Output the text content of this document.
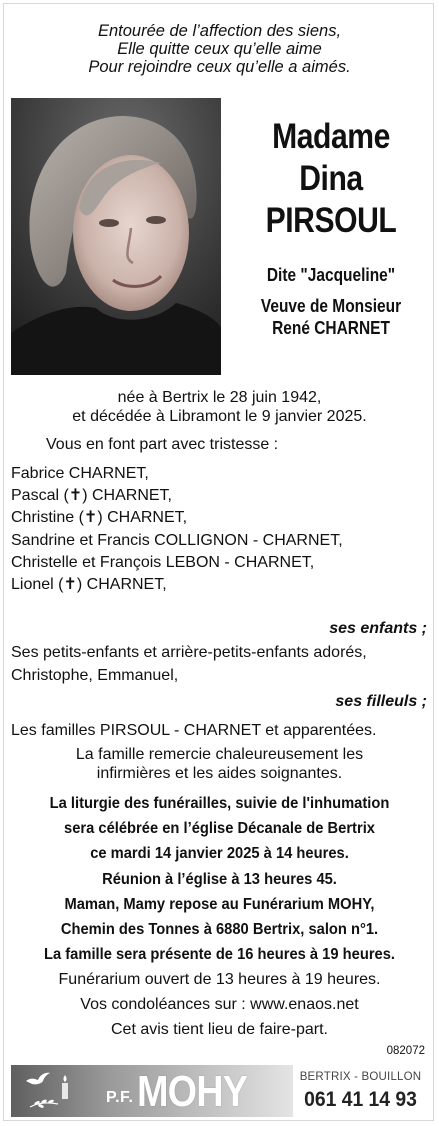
Entourée de l’affection des siens,
Elle quitte ceux qu’elle aime
Pour rejoindre ceux qu’elle a aimés.
Madame
Dina
PIRSOUL
Dite "Jacqueline"
Veuve de Monsieur
René CHARNET
née à Bertrix le 28 juin 1942,
et décédée à Libramont le 9 janvier 2025.
Vous en font part avec tristesse :
Fabrice CHARNET,
Pascal (✝) CHARNET,
Christine (✝) CHARNET,
Sandrine et Francis COLLIGNON - CHARNET,
Christelle et François LEBON - CHARNET,
Lionel (✝) CHARNET,
ses enfants ;
Ses petits-enfants et arrière-petits-enfants adorés,
Christophe, Emmanuel,
ses filleuls ;
Les familles PIRSOUL - CHARNET et apparentées.
La famille remercie chaleureusement les
infirmières et les aides soignantes.
La liturgie des funérailles, suivie de l'inhumation
sera célébrée en l’église Décanale de Bertrix
ce mardi 14 janvier 2025 à 14 heures.
Réunion à l’église à 13 heures 45.
Maman, Mamy repose au Funérarium MOHY,
Chemin des Tonnes à 6880 Bertrix, salon n°1.
La famille sera présente de 16 heures à 19 heures.
Funérarium ouvert de 13 heures à 19 heures.
Vos condoléances sur : www.enaos.net
Cet avis tient lieu de faire-part.
082072
P.F. MOHY	BERTRIX - BOUILLON
061 41 14 93
